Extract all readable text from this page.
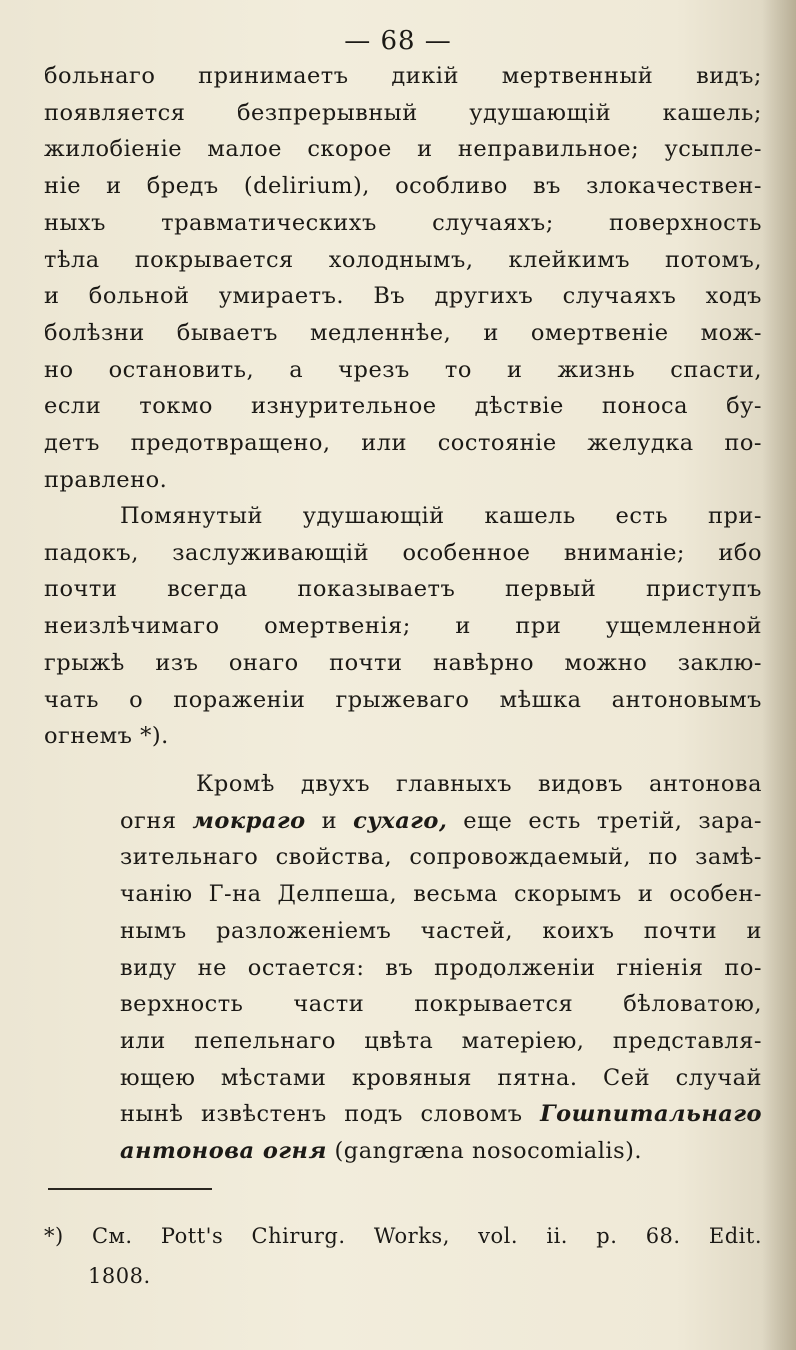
— 68 —
больнаго принимаетъ дикій мертвенный видъ;
появляется безпрерывный удушающій кашель;
жилобіеніе малое скорое и неправильное; усыпле-
ніе и бредъ (delirium), особливо въ злокачествен-
ныхъ травматическихъ случаяхъ; поверхность
тѣла покрывается холоднымъ, клейкимъ потомъ,
и больной умираетъ. Въ другихъ случаяхъ ходъ
болѣзни бываетъ медленнѣе, и омертвеніе мож-
но остановить, а чрезъ то и жизнь спасти,
если токмо изнурительное дѣствіе поноса бу-
детъ предотвращено, или состояніе желудка по-
правлено.
Помянутый удушающій кашель есть при-
падокъ, заслуживающій особенное вниманіе; ибо
почти всегда показываетъ первый приступъ
неизлѣчимаго омертвенія; и при ущемленной
грыжѣ изъ онаго почти навѣрно можно заклю-
чать о пораженіи грыжеваго мѣшка антоновымъ
огнемъ *).
Кромѣ двухъ главныхъ видовъ антонова
огня мокраго и сухаго, еще есть третій, зара-
зительнаго свойства, сопровождаемый, по замѣ-
чанію Г-на Делпеша, весьма скорымъ и особен-
нымъ разложеніемъ частей, коихъ почти и
виду не остается: въ продолженіи гніенія по-
верхность части покрывается бѣловатою,
или пепельнаго цвѣта матеріею, представля-
ющею мѣстами кровяныя пятна. Сей случай
нынѣ извѣстенъ подъ словомъ Гошпитальнаго
антонова огня (gangræna nosocomialis).
*) См. Pott's Chirurg. Works, vol. ii. p. 68. Edit.
1808.
